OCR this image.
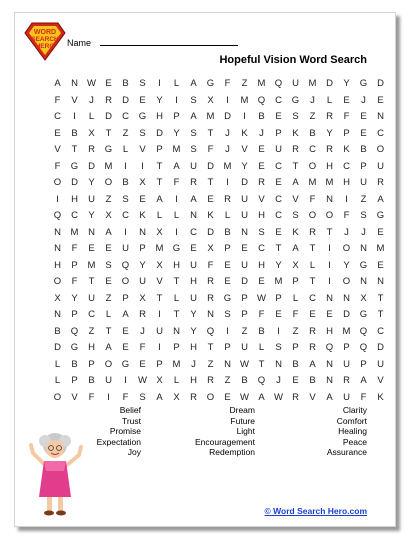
WORD
SEARCH
HERO Name
Hopeful Vision Word Search
A	N W E	B	S	I	L	A	G	F	Z	M Q	U	M	D	Y	G	D
F	V	J	R	D	E	Y	I	S	X	I	M Q	C	G	J	L	E	J	E
C	I	L	D	C	G	H	P	A	M	D	I	B	E	S	Z	R	F	E	N
E	B	X	T	Z	S	D	Y	S	T	J	K	J	P	K	B	Y	P	E	C
V	T	R	G	L	V	P	M	S	F	J	V	E	U	R	C	R	K	B	O
F	G	D	M	I	I	T	A	U	D	M	Y	E	C	T	O	H	C	P	U
O	D	Y	O	B	X	T	F	R	T	I	D	R	E	A	M M	H	U	R
I	H	U	Z	S	E	A	I	A	E	R	U	V	C	V	F	N	I	Z	A
Q	C	Y	X	C	K	L	L	N	K	L	U	H	C	S	O	O	F	S	G
N	M	N	A	I	N	X	I	C	D	B	N	S	E	K	R	T	J	J	E
N	F	E	E	U	P	M G	E	X	P	E	C	T	A	T	I	O	N	M
H	P	M	S	Q	Y	X	H	U	F	E	U	H	Y	X	L	I	Y	G	E
O	F	T	E	O	U	V	T	H	R	E	D	E	M	P	T	I	O	N	N
X	Y	U	Z	P	X	T	L	U	R	G	P W P	L	C	N	N	X	T
N	P	C	L	A	R	I	T	Y	N	S	P	F	E	F	E	E	D	G	T
B	Q	Z	T	E	J	U	N	Y	Q	I	Z	B	I	Z	R	H	M Q	C
D	G	H	A	E	F	I	P	H	T	P	U	L	S	P	R	Q	P	Q	D
L	B	P	O	G	E	P	M	J	Z	N W	T	N	B	A	N	U	P	U
L	P	B	U	I	W X	L	H	R	Z	B	Q	J	E	B	N	R	A	V
O	V	F	I	F	S	A	X	R	O	E W A W R	V	A	U	F	K
Belief
Trust
Promise
Expectation
Joy
Dream
Future
Light
Encouragement
Redemption
Clarity
Comfort
Healing
Peace
Assurance
© Word Search Hero.com
